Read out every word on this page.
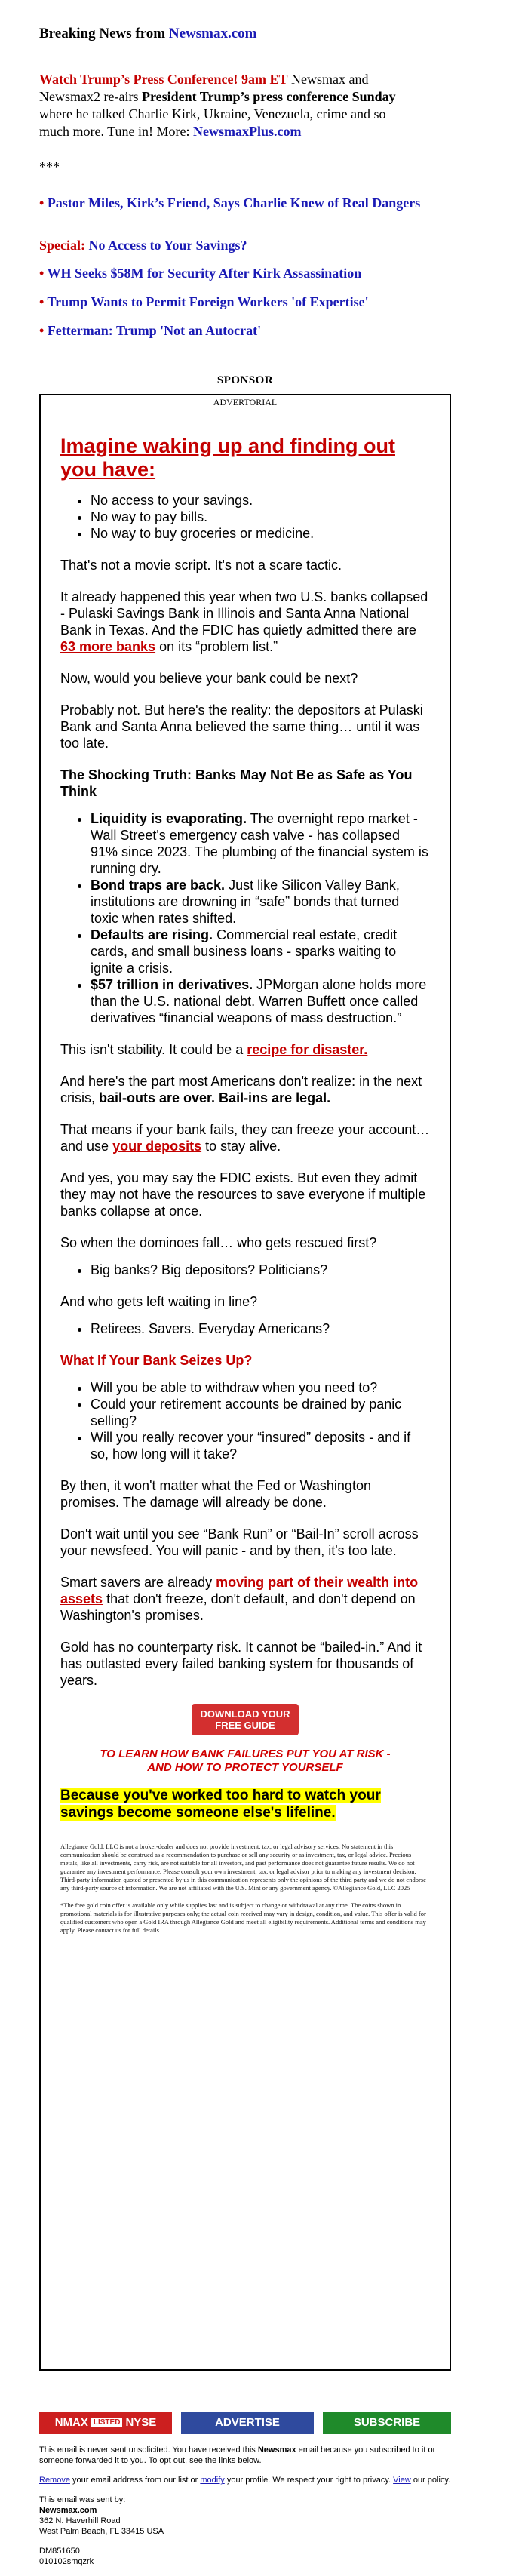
Breaking News from Newsmax.com

Watch Trump’s Press Conference! 9am ET Newsmax and Newsmax2 re-airs President Trump’s press conference Sunday where he talked Charlie Kirk, Ukraine, Venezuela, crime and so much more. Tune in! More: NewsmaxPlus.com
***
• Pastor Miles, Kirk’s Friend, Says Charlie Knew of Real Dangers
Special: No Access to Your Savings?
• WH Seeks $58M for Security After Kirk Assassination
• Trump Wants to Permit Foreign Workers 'of Expertise'
• Fetterman: Trump 'Not an Autocrat'
SPONSOR
ADVERTORIAL

Imagine waking up and finding out you have:

• No access to your savings.
• No way to pay bills.
• No way to buy groceries or medicine.

That's not a movie script. It's not a scare tactic.

It already happened this year when two U.S. banks collapsed - Pulaski Savings Bank in Illinois and Santa Anna National Bank in Texas. And the FDIC has quietly admitted there are 63 more banks on its “problem list.”

Now, would you believe your bank could be next?

Probably not. But here's the reality: the depositors at Pulaski Bank and Santa Anna believed the same thing… until it was too late.

The Shocking Truth: Banks May Not Be as Safe as You Think

• Liquidity is evaporating. The overnight repo market - Wall Street's emergency cash valve - has collapsed 91% since 2023. The plumbing of the financial system is running dry.
• Bond traps are back. Just like Silicon Valley Bank, institutions are drowning in “safe” bonds that turned toxic when rates shifted.
• Defaults are rising. Commercial real estate, credit cards, and small business loans - sparks waiting to ignite a crisis.
• $57 trillion in derivatives. JPMorgan alone holds more than the U.S. national debt. Warren Buffett once called derivatives “financial weapons of mass destruction.”

This isn't stability. It could be a recipe for disaster.

And here's the part most Americans don't realize: in the next crisis, bail-outs are over. Bail-ins are legal.

That means if your bank fails, they can freeze your account… and use your deposits to stay alive.

And yes, you may say the FDIC exists. But even they admit they may not have the resources to save everyone if multiple banks collapse at once.

So when the dominoes fall… who gets rescued first?

• Big banks? Big depositors? Politicians?

And who gets left waiting in line?

• Retirees. Savers. Everyday Americans?

What If Your Bank Seizes Up?

• Will you be able to withdraw when you need to?
• Could your retirement accounts be drained by panic selling?
• Will you really recover your “insured” deposits - and if so, how long will it take?

By then, it won't matter what the Fed or Washington promises. The damage will already be done.

Don't wait until you see “Bank Run” or “Bail-In” scroll across your newsfeed. You will panic - and by then, it's too late.

Smart savers are already moving part of their wealth into assets that don't freeze, don't default, and don't depend on Washington's promises.

Gold has no counterparty risk. It cannot be “bailed-in.” And it has outlasted every failed banking system for thousands of years.

DOWNLOAD YOUR
FREE GUIDE

TO LEARN HOW BANK FAILURES PUT YOU AT RISK -
AND HOW TO PROTECT YOURSELF

Because you've worked too hard to watch your savings become someone else's lifeline.

Allegiance Gold, LLC is not a broker-dealer and does not provide investment, tax, or legal advisory services. No statement in this communication should be construed as a recommendation to purchase or sell any security or as investment, tax, or legal advice. Precious metals, like all investments, carry risk, are not suitable for all investors, and past performance does not guarantee future results. We do not guarantee any investment performance. Please consult your own investment, tax, or legal advisor prior to making any investment decision. Third-party information quoted or presented by us in this communication represents only the opinions of the third party and we do not endorse any third-party source of information. We are not affiliated with the U.S. Mint or any government agency. ©Allegiance Gold, LLC 2025

*The free gold coin offer is available only while supplies last and is subject to change or withdrawal at any time. The coins shown in promotional materials is for illustrative purposes only; the actual coin received may vary in design, condition, and value. This offer is valid for qualified customers who open a Gold IRA through Allegiance Gold and meet all eligibility requirements. Additional terms and conditions may apply. Please contact us for full details.

NMAX LISTED NYSE	ADVERTISE	SUBSCRIBE

This email is never sent unsolicited. You have received this Newsmax email because you subscribed to it or someone forwarded it to you. To opt out, see the links below.

Remove your email address from our list or modify your profile. We respect your right to privacy. View our policy.

This email was sent by:
Newsmax.com
362 N. Haverhill Road
West Palm Beach, FL 33415 USA

DM851650
010102smqzrk
